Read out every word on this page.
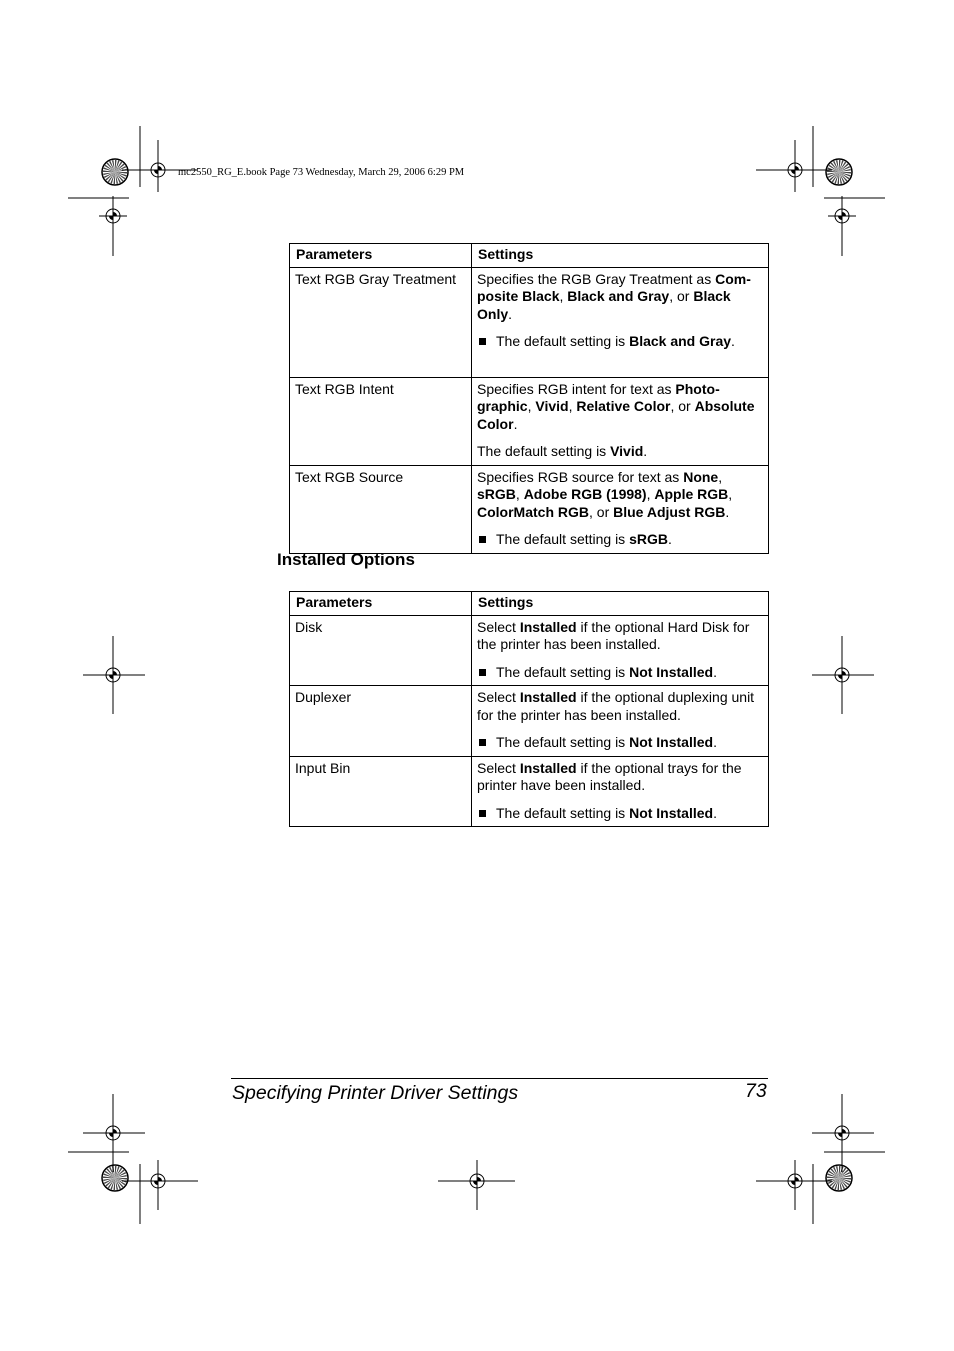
mc2550_RG_E.book Page 73 Wednesday, March 29, 2006 6:29 PM
Parameters	Settings
Text RGB Gray Treatment	Specifies the RGB Gray Treatment as Com-posite Black, Black and Gray, or Black Only.

The default setting is Black and Gray.

Text RGB Intent	Specifies RGB intent for text as Photo-graphic, Vivid, Relative Color, or Absolute Color.

The default setting is Vivid.

Text RGB Source	Specifies RGB source for text as None, sRGB, Adobe RGB (1998), Apple RGB, ColorMatch RGB, or Blue Adjust RGB.

The default setting is sRGB.

Installed Options
Parameters	Settings
Disk	Select Installed if the optional Hard Disk for the printer has been installed.

The default setting is Not Installed.

Duplexer	Select Installed if the optional duplexing unit for the printer has been installed.

The default setting is Not Installed.

Input Bin	Select Installed if the optional trays for the printer have been installed.

The default setting is Not Installed.

Specifying Printer Driver Settings	73
